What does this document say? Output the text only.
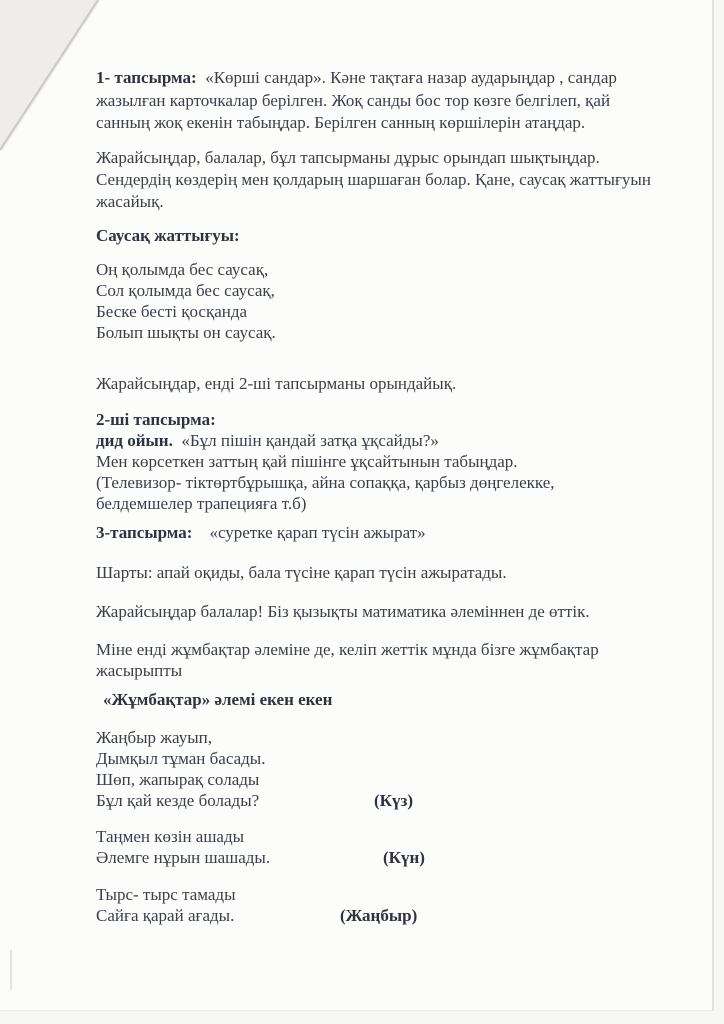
1- тапсырма: «Көрші сандар». Кәне тақтаға назар аударыңдар , сандар
жазылған карточкалар берілген. Жоқ санды бос тор көзге белгілеп, қай
санның жоқ екенін табыңдар. Берілген санның көршілерін атаңдар.
Жарайсыңдар, балалар, бұл тапсырманы дұрыс орындап шықтыңдар.
Сендердің көздерің мен қолдарың шаршаған болар. Қане, саусақ жаттығуын
жасайық.
Саусақ жаттығуы:
Оң қолымда бес саусақ,
Сол қолымда бес саусақ,
Беске бесті қосқанда
Болып шықты он саусақ.
Жарайсыңдар, енді 2-ші тапсырманы орындайық.
2-ші тапсырма:
дид ойын. «Бұл пішін қандай затқа ұқсайды?»
Мен көрсеткен заттың қай пішінге ұқсайтынын табыңдар.
(Телевизор- тіктөртбұрышқа, айна сопаққа, қарбыз дөңгелекке,
белдемшелер трапецияға т.б)
3-тапсырма: «суретке қарап түсін ажырат»
Шарты: апай оқиды, бала түсіне қарап түсін ажыратады.
Жарайсыңдар балалар! Біз қызықты матиматика әлеміннен де өттік.
Міне енді жұмбақтар әлеміне де, келіп жеттік мұнда бізге жұмбақтар
жасырыпты
«Жұмбақтар» әлемі екен екен
Жаңбыр жауып,
Дымқыл тұман басады.
Шөп, жапырақ солады
Бұл қай кезде болады?	(Күз)
Таңмен көзін ашады
Әлемге нұрын шашады.	(Күн)
Тырс- тырс тамады
Сайға қарай ағады.	(Жаңбыр)
